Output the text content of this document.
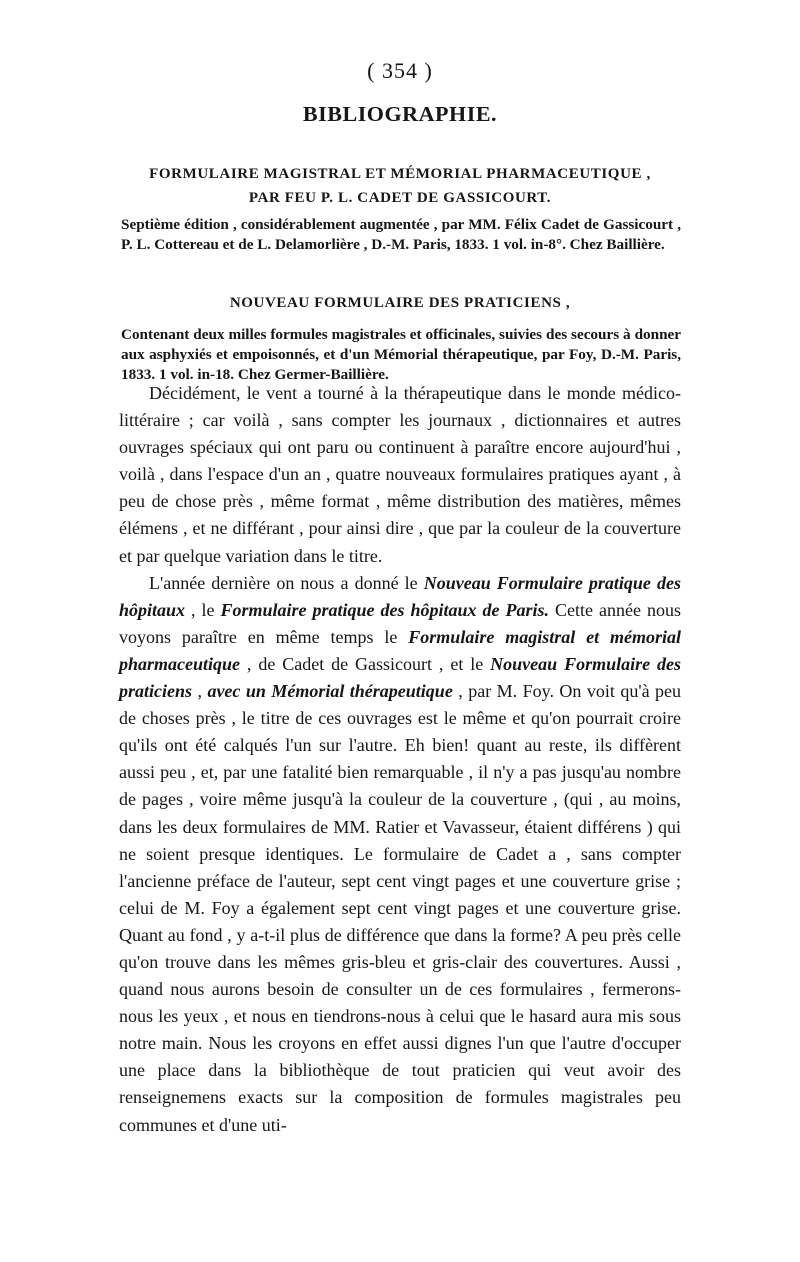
( 354 )
BIBLIOGRAPHIE.
FORMULAIRE MAGISTRAL ET MÉMORIAL PHARMACEUTIQUE ,
PAR FEU P. L. CADET DE GASSICOURT.
Septième édition , considérablement augmentée , par MM. Félix Cadet de Gassicourt , P. L. Cottereau et de L. Delamorlière , D.-M. Paris, 1833. 1 vol. in-8°. Chez Baillière.
NOUVEAU FORMULAIRE DES PRATICIENS ,
Contenant deux milles formules magistrales et officinales, suivies des secours à donner aux asphyxiés et empoisonnés, et d'un Mémorial thérapeutique, par Foy, D.-M. Paris, 1833. 1 vol. in-18. Chez Germer-Baillière.

Décidément, le vent a tourné à la thérapeutique dans le monde médico-littéraire ; car voilà , sans compter les journaux , dictionnaires et autres ouvrages spéciaux qui ont paru ou continuent à paraître encore aujourd'hui , voilà , dans l'espace d'un an , quatre nouveaux formulaires pratiques ayant , à peu de chose près , même format , même distribution des matières, mêmes élémens , et ne différant , pour ainsi dire , que par la couleur de la couverture et par quelque variation dans le titre.

L'année dernière on nous a donné le Nouveau Formulaire pratique des hôpitaux , le Formulaire pratique des hôpitaux de Paris. Cette année nous voyons paraître en même temps le Formulaire magistral et mémorial pharmaceutique , de Cadet de Gassicourt , et le Nouveau Formulaire des praticiens , avec un Mémorial thérapeutique , par M. Foy. On voit qu'à peu de choses près , le titre de ces ouvrages est le même et qu'on pourrait croire qu'ils ont été calqués l'un sur l'autre. Eh bien! quant au reste, ils diffèrent aussi peu , et, par une fatalité bien remarquable , il n'y a pas jusqu'au nombre de pages , voire même jusqu'à la couleur de la couverture , (qui , au moins, dans les deux formulaires de MM. Ratier et Vavasseur, étaient différens ) qui ne soient presque identiques. Le formulaire de Cadet a , sans compter l'ancienne préface de l'auteur, sept cent vingt pages et une couverture grise ; celui de M. Foy a également sept cent vingt pages et une couverture grise. Quant au fond , y a-t-il plus de différence que dans la forme? A peu près celle qu'on trouve dans les mêmes gris-bleu et gris-clair des couvertures. Aussi , quand nous aurons besoin de consulter un de ces formulaires , fermerons-nous les yeux , et nous en tiendrons-nous à celui que le hasard aura mis sous notre main. Nous les croyons en effet aussi dignes l'un que l'autre d'occuper une place dans la bibliothèque de tout praticien qui veut avoir des renseignemens exacts sur la composition de formules magistrales peu communes et d'une uti-
